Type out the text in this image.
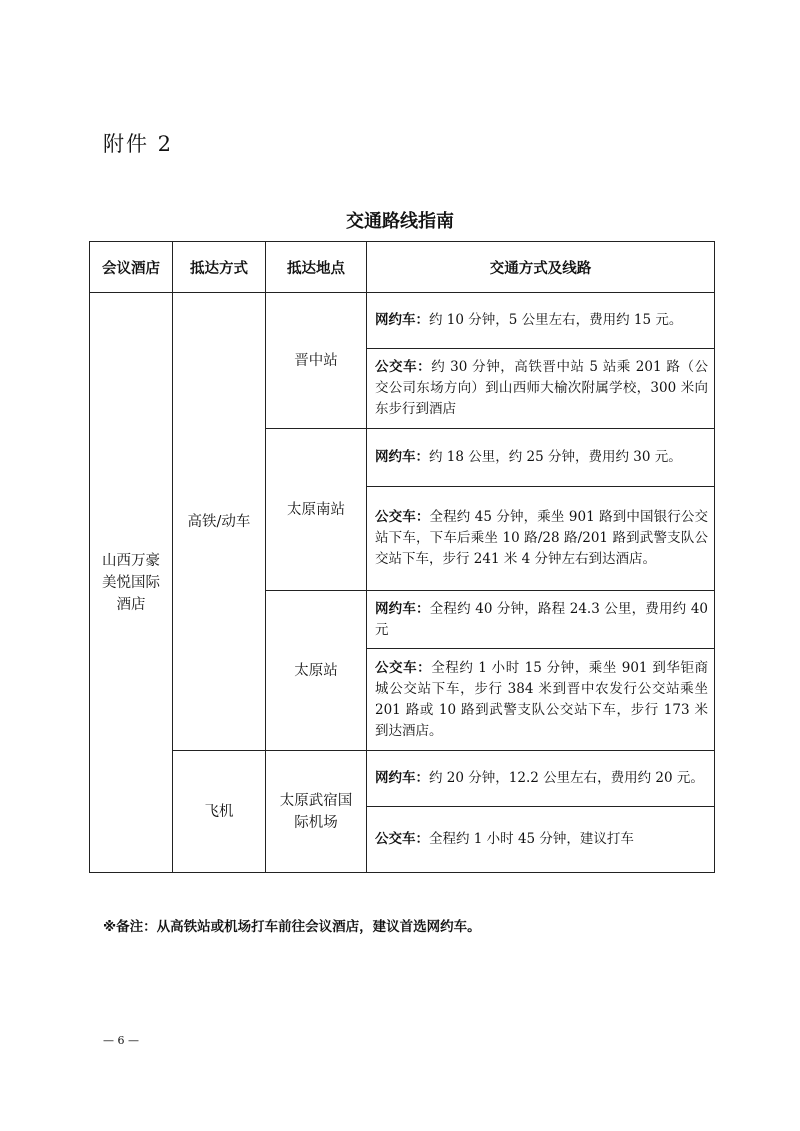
附件 2
交通路线指南
会议酒店	抵达方式	抵达地点	交通方式及线路

山西万豪美悦国际酒店	高铁/动车	晋中站	网约车：约 10 分钟，5 公里左右，费用约 15 元。
			公交车：约 30 分钟，高铁晋中站 5 站乘 201 路（公交公司东场方向）到山西师大榆次附属学校，300 米向东步行到酒店
		太原南站	网约车：约 18 公里，约 25 分钟，费用约 30 元。
			公交车：全程约 45 分钟，乘坐 901 路到中国银行公交站下车，下车后乘坐 10 路/28 路/201 路到武警支队公交站下车，步行 241 米 4 分钟左右到达酒店。
		太原站	网约车：全程约 40 分钟，路程 24.3 公里，费用约 40 元
			公交车：全程约 1 小时 15 分钟，乘坐 901 到华钜商城公交站下车，步行 384 米到晋中农发行公交站乘坐 201 路或 10 路到武警支队公交站下车，步行 173 米到达酒店。
	飞机	太原武宿国际机场	网约车：约 20 分钟，12.2 公里左右，费用约 20 元。
			公交车：全程约 1 小时 45 分钟，建议打车
※备注：从高铁站或机场打车前往会议酒店，建议首选网约车。
— 6 —
